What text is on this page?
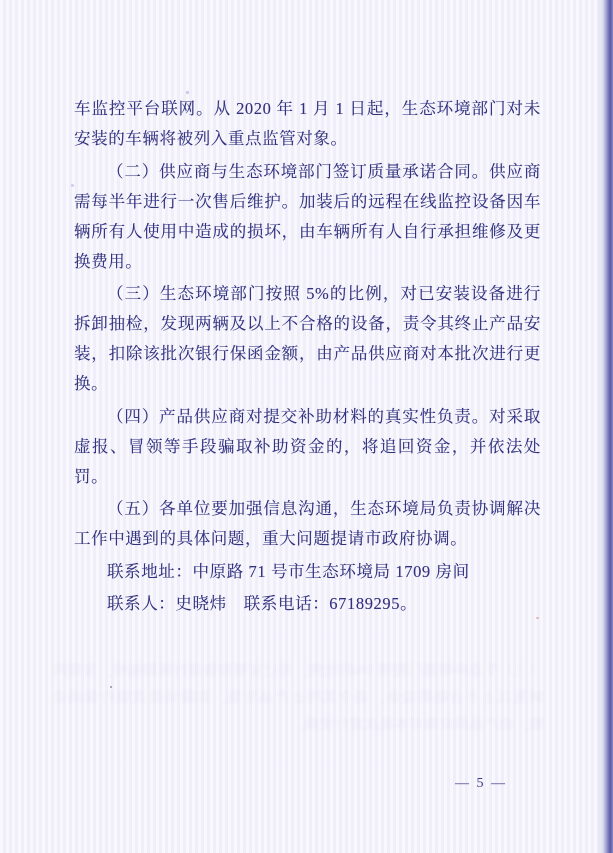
车监控平台联网。从 2020 年 1 月 1 日起，生态环境部门对未安装的车辆将被列入重点监管对象。

（二）供应商与生态环境部门签订质量承诺合同。供应商需每半年进行一次售后维护。加装后的远程在线监控设备因车辆所有人使用中造成的损坏，由车辆所有人自行承担维修及更换费用。

（三）生态环境部门按照 5%的比例，对已安装设备进行拆卸抽检，发现两辆及以上不合格的设备，责令其终止产品安装，扣除该批次银行保函金额，由产品供应商对本批次进行更换。

（四）产品供应商对提交补助材料的真实性负责。对采取虚报、冒领等手段骗取补助资金的，将追回资金，并依法处罚。

（五）各单位要加强信息沟通，生态环境局负责协调解决工作中遇到的具体问题，重大问题提请市政府协调。

联系地址：中原路 71 号市生态环境局 1709 房间

联系人：史晓炜　联系电话：67189295。

— 5 —
（三）生态环境部门按照 5%的比例，对已安装设备进行拆卸抽检，发现两辆及以上不合格的设备，责令其终止产品安装，扣除该批次银行保函金额，由产品供应商对本批次进行更换。
